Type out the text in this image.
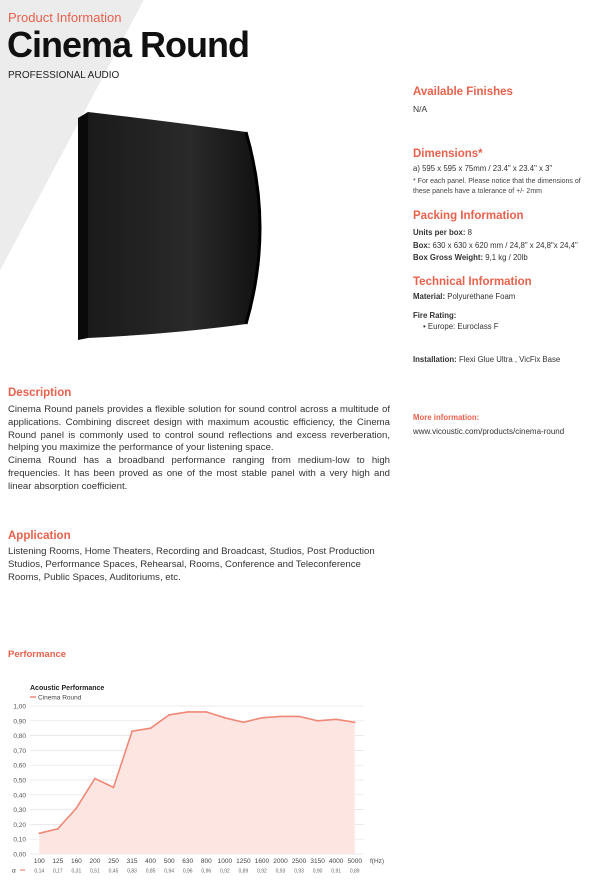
Product Information
Cinema Round
PROFESSIONAL AUDIO
Available Finishes
N/A
Dimensions*
a) 595 x 595 x 75mm / 23.4" x 23.4" x 3"
* For each panel. Please notice that the dimensions of these panels have a tolerance of +/- 2mm
Packing Information
Units per box: 8
Box: 630 x 630 x 620 mm / 24,8" x 24,8"x 24,4"
Box Gross Weight: 9,1 kg / 20lb
Technical Information
Material: Polyurethane Foam
Fire Rating:
• Europe: Euroclass F
Installation: Flexi Glue Ultra , VicFix Base
More information:
www.vicoustic.com/products/cinema-round
Description
Cinema Round panels provides a flexible solution for sound control across a multitude of applications. Combining discreet design with maximum acoustic efficiency, the Cinema Round panel is commonly used to control sound reflections and excess reverberation, helping you maximize the performance of your listening space.
Cinema Round has a broadband performance ranging from medium-low to high frequencies. It has been proved as one of the most stable panel with a very high and linear absorption coefficient.
Application
Listening Rooms, Home Theaters, Recording and Broadcast, Studios, Post Production Studios, Performance Spaces, Rehearsal, Rooms, Conference and Teleconference Rooms, Public Spaces, Auditoriums, etc.
Performance
Acoustic Performance
Cinema Round
0,00
0,10
0,20
0,30
0,40
0,50
0,60
0,70
0,80
0,90
1,00
100 125 160 200 250 315 400 500 630 800 1000 1250 1600 2000 2500 3150 4000 5000 f(Hz)
α	0,14 0,17 0,31 0,51 0,45 0,83 0,85 0,94 0,96 0,96 0,92 0,89 0,92 0,93 0,93 0,90 0,91 0,89
